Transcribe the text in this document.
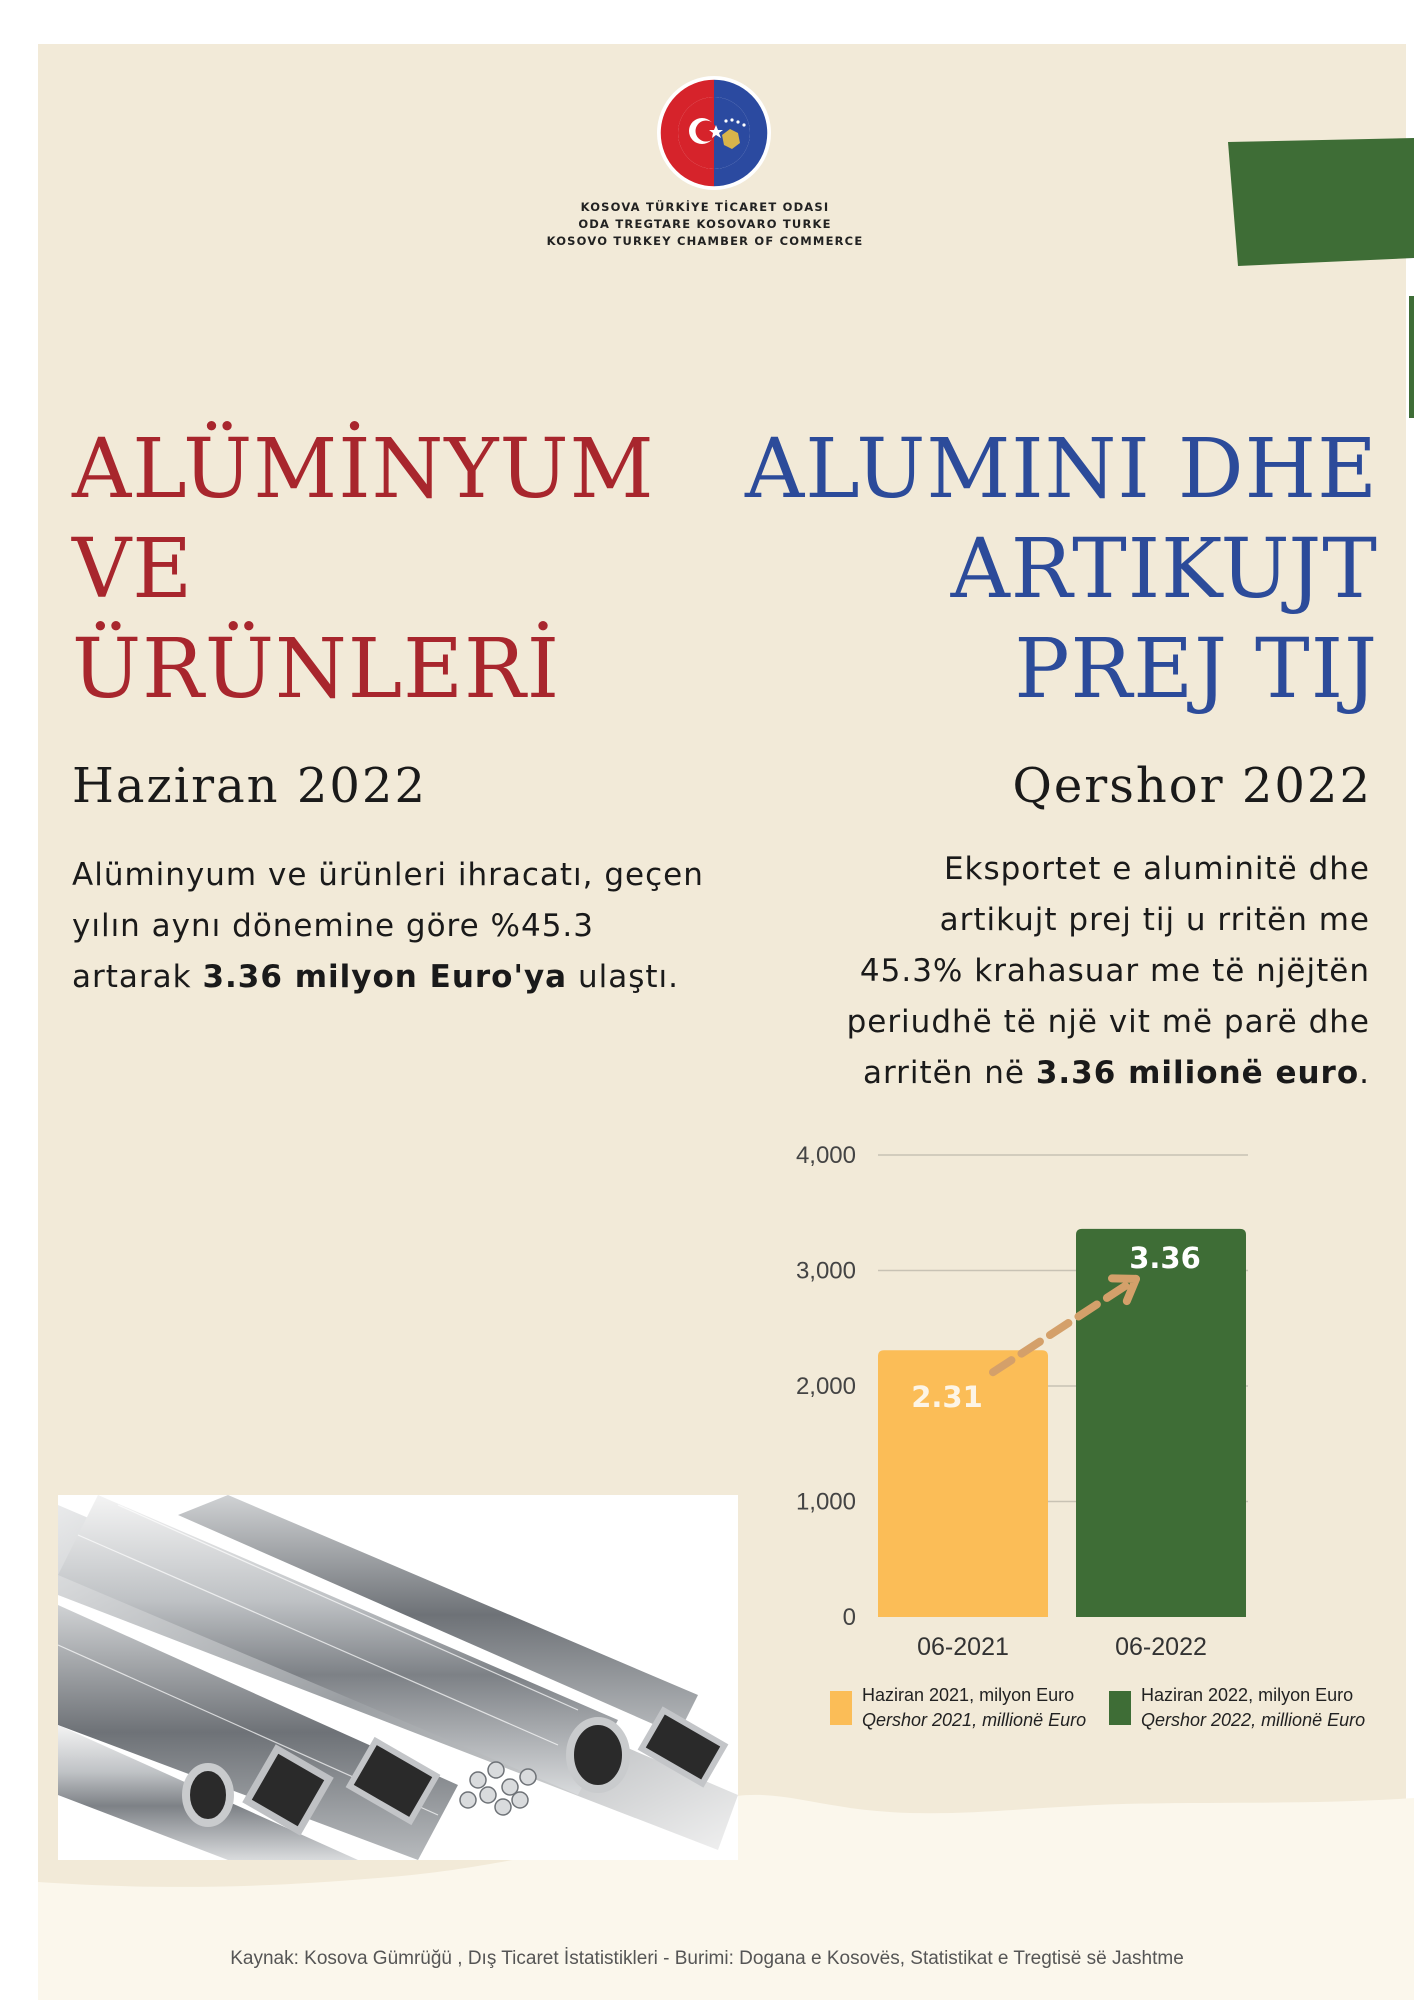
KOSOVA TÜRKİYE TİCARET ODASI
ODA TREGTARE KOSOVARO TURKE
KOSOVO TURKEY CHAMBER OF COMMERCE
ALÜMİNYUM
VE
ÜRÜNLERİ
ALUMINI DHE
ARTIKUJT
PREJ TIJ
Haziran 2022	Qershor 2022
Alüminyum ve ürünleri ihracatı, geçen
yılın aynı dönemine göre %45.3
artarak 3.36 milyon Euro'ya ulaştı.
Eksportet e aluminitë dhe
artikujt prej tij u rritën me
45.3% krahasuar me të njëjtën
periudhë të një vit më parë dhe
arritën në 3.36 milionë euro.
0
1,000
2,000
3,000
4,000
06-2021
2.31
06-2022
3.36
Haziran 2021, milyon Euro
Qershor 2021, millionë Euro
Haziran 2022, milyon Euro
Qershor 2022, millionë Euro
Kaynak: Kosova Gümrüğü , Dış Ticaret İstatistikleri - Burimi: Dogana e Kosovës, Statistikat e Tregtisë së Jashtme
